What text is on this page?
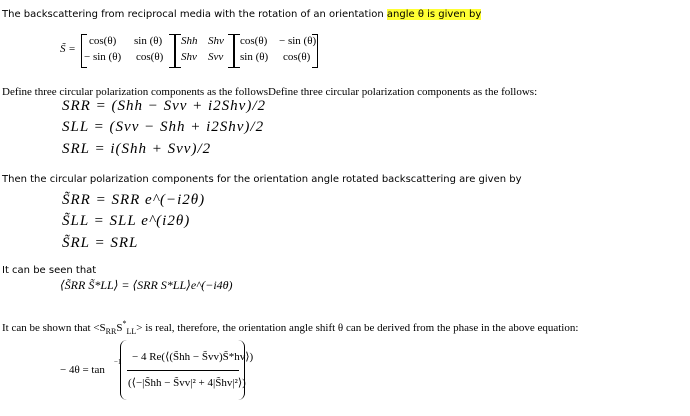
The backscattering from reciprocal media with the rotation of an orientation angle θ is given by
S̃ =
cos(θ) sin (θ)
− sin (θ) cos(θ)
Shh Shv
Shv Svv
cos(θ) − sin (θ)
sin (θ) cos(θ)
Define three circular polarization components as the followsDefine three circular polarization components as the follows:
SRR = (Shh − Svv + i2Shv)/2
SLL = (Svv − Shh + i2Shv)/2
SRL = i(Shh + Svv)/2
Then the circular polarization components for the orientation angle rotated backscattering are given by
S̃RR = SRR e^(−i2θ)
S̃LL = SLL e^(i2θ)
S̃RL = SRL
It can be seen that
⟨S̃RR S̃*LL⟩ = ⟨SRR S*LL⟩e^(−i4θ)
It can be shown that $<S_{RR}S^*_{LL}>$ is real, therefore, the orientation angle shift θ can be derived from the phase in the above equation:
− 4θ = tan
−1 − 4 Re(⟨(S̃hh − S̃vv)S̃*hv⟩)
(⟨−|S̃hh − S̃vv|² + 4|S̃hv|²⟩)
